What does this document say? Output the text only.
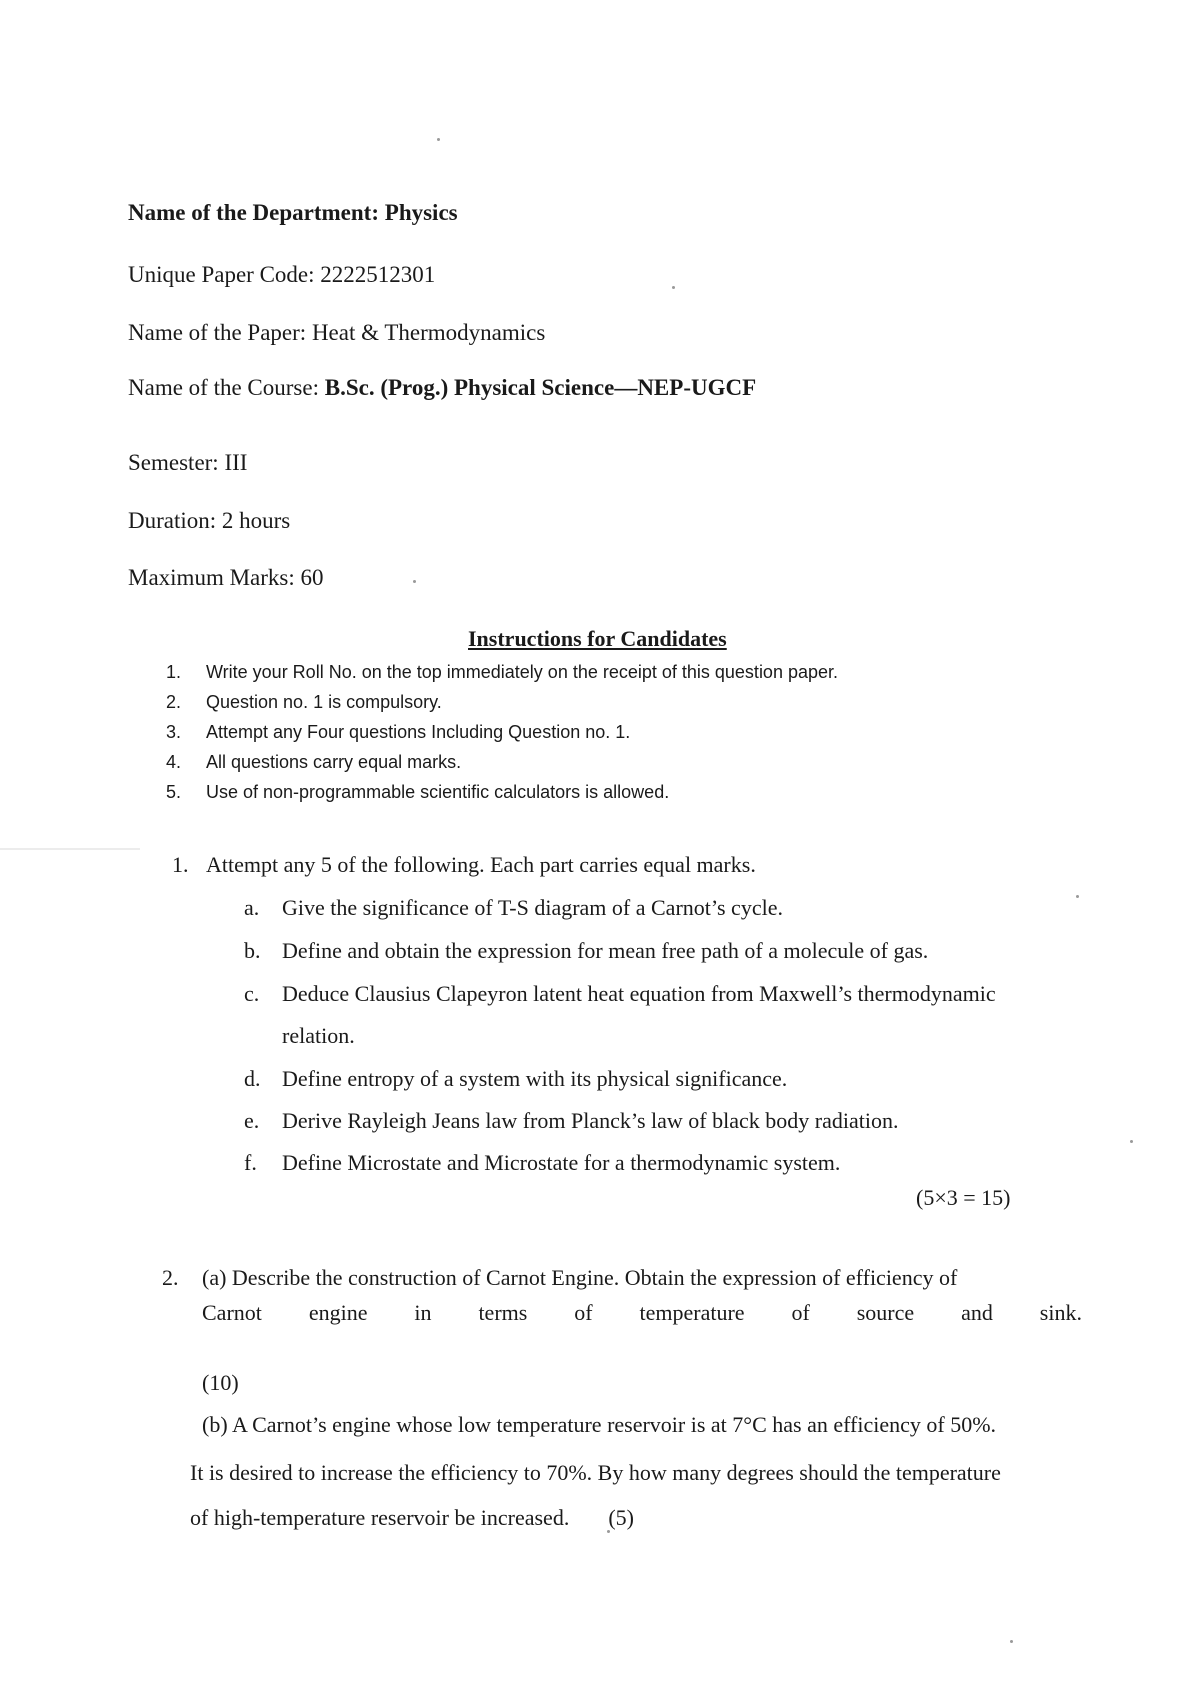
Name of the Department: Physics
Unique Paper Code: 2222512301
Name of the Paper: Heat & Thermodynamics
Name of the Course: B.Sc. (Prog.) Physical Science—NEP-UGCF
Semester: III
Duration: 2 hours
Maximum Marks: 60
Instructions for Candidates
1. Write your Roll No. on the top immediately on the receipt of this question paper.
2. Question no. 1 is compulsory.
3. Attempt any Four questions Including Question no. 1.
4. All questions carry equal marks.
5. Use of non-programmable scientific calculators is allowed.
1. Attempt any 5 of the following. Each part carries equal marks.
a. Give the significance of T-S diagram of a Carnot’s cycle.
b. Define and obtain the expression for mean free path of a molecule of gas.
c. Deduce Clausius Clapeyron latent heat equation from Maxwell’s thermodynamic
relation.
d. Define entropy of a system with its physical significance.
e. Derive Rayleigh Jeans law from Planck’s law of black body radiation.
f. Define Microstate and Microstate for a thermodynamic system.
(5×3 = 15)
2. (a) Describe the construction of Carnot Engine. Obtain the expression of efficiency of
Carnot engine in terms of temperature of source and sink.
(10)
(b) A Carnot’s engine whose low temperature reservoir is at 7°C has an efficiency of 50%.
It is desired to increase the efficiency to 70%. By how many degrees should the temperature
of high-temperature reservoir be increased. (5)
